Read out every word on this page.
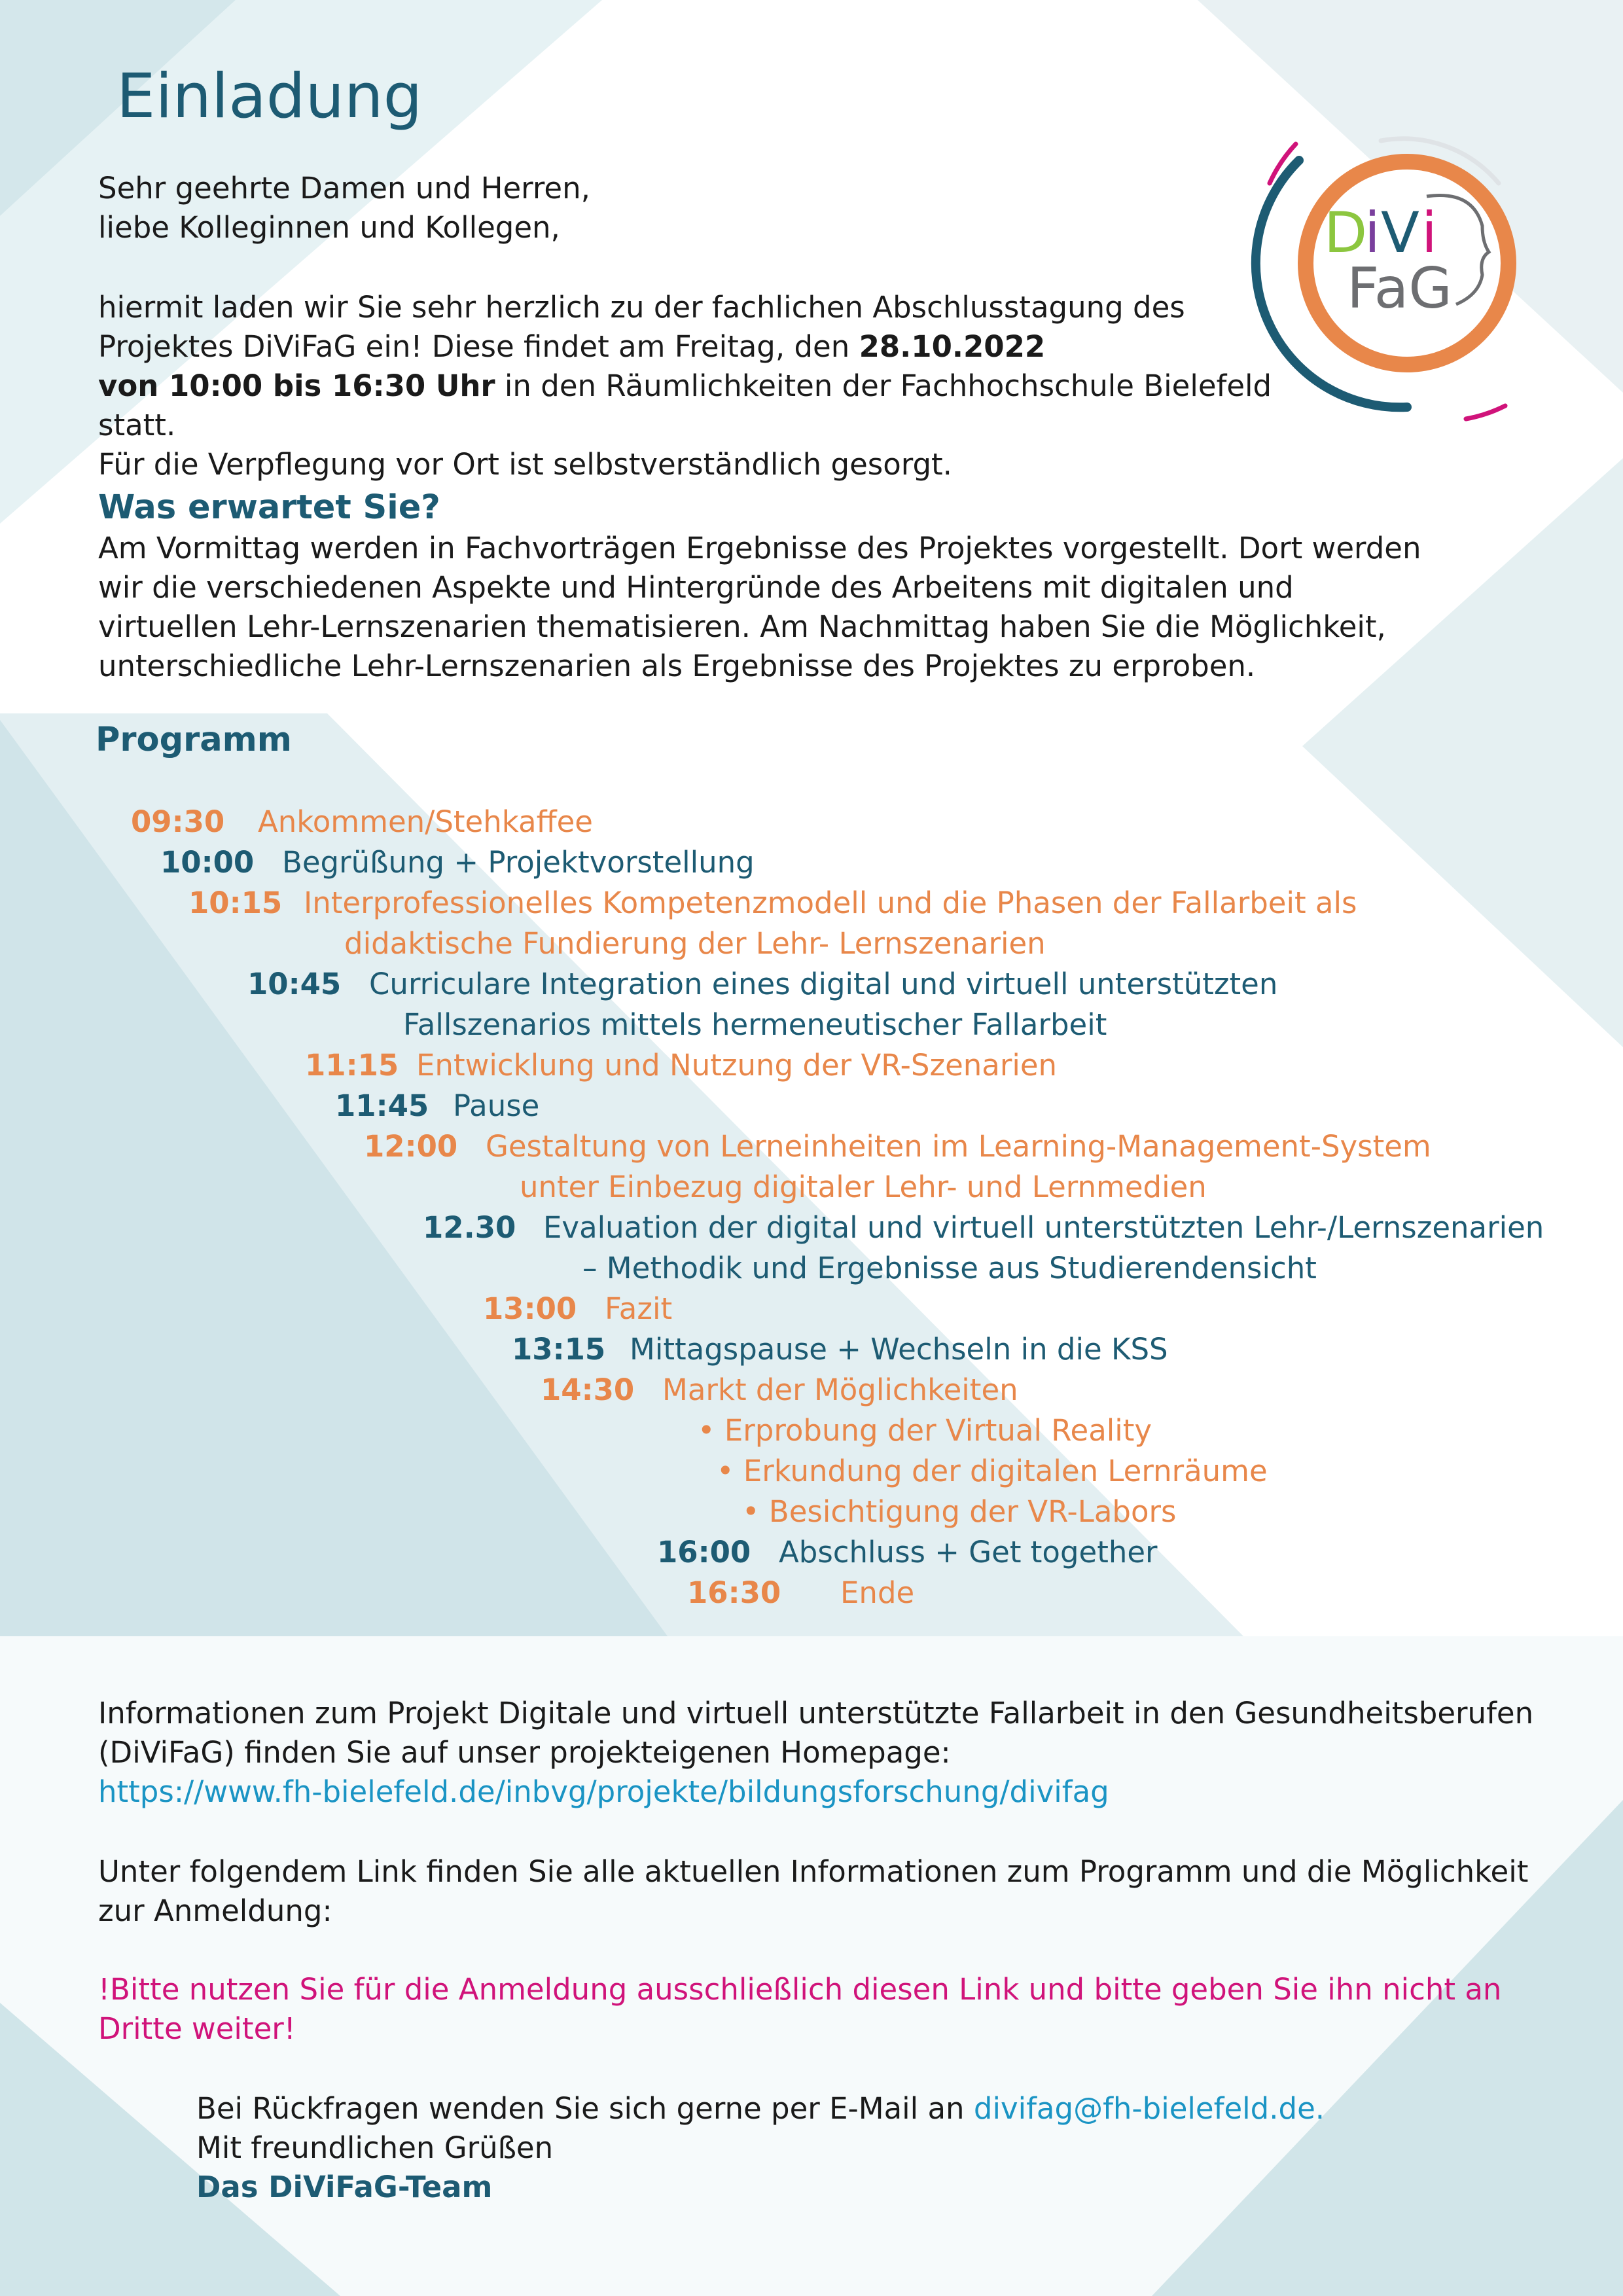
Einladung
D
i V i
FaG
Sehr geehrte Damen und Herren,
liebe Kolleginnen und Kollegen,
hiermit laden wir Sie sehr herzlich zu der fachlichen Abschlusstagung des
Projektes DiViFaG ein! Diese findet am Freitag, den 28.10.2022
von 10:00 bis 16:30 Uhr in den Räumlichkeiten der Fachhochschule Bielefeld statt.
Für die Verpflegung vor Ort ist selbstverständlich gesorgt.
Was erwartet Sie?
Am Vormittag werden in Fachvorträgen Ergebnisse des Projektes vorgestellt. Dort werden
wir die verschiedenen Aspekte und Hintergründe des Arbeitens mit digitalen und
virtuellen Lehr-Lernszenarien thematisieren. Am Nachmittag haben Sie die Möglichkeit,
unterschiedliche Lehr-Lernszenarien als Ergebnisse des Projektes zu erproben.
Programm
09:30 Ankommen/Stehkaffee
10:00 Begrüßung + Projektvorstellung
10:15 Interprofessionelles Kompetenzmodell und die Phasen der Fallarbeit als
didaktische Fundierung der Lehr- Lernszenarien
10:45 Curriculare Integration eines digital und virtuell unterstützten
Fallszenarios mittels hermeneutischer Fallarbeit
11:15 Entwicklung und Nutzung der VR-Szenarien
11:45 Pause
12:00 Gestaltung von Lerneinheiten im Learning-Management-System
unter Einbezug digitaler Lehr- und Lernmedien
12.30 Evaluation der digital und virtuell unterstützten Lehr-/Lernszenarien
– Methodik und Ergebnisse aus Studierendensicht
13:00 Fazit
13:15 Mittagspause + Wechseln in die KSS
14:30 Markt der Möglichkeiten
• Erprobung der Virtual Reality
• Erkundung der digitalen Lernräume
• Besichtigung der VR-Labors
16:00 Abschluss + Get together
16:30 Ende
Informationen zum Projekt Digitale und virtuell unterstützte Fallarbeit in den Gesundheitsberufen
(DiViFaG) finden Sie auf unser projekteigenen Homepage:
https://www.fh-bielefeld.de/inbvg/projekte/bildungsforschung/divifag
Unter folgendem Link finden Sie alle aktuellen Informationen zum Programm und die Möglichkeit
zur Anmeldung:
!Bitte nutzen Sie für die Anmeldung ausschließlich diesen Link und bitte geben Sie ihn nicht an
Dritte weiter!
Bei Rückfragen wenden Sie sich gerne per E-Mail an divifag@fh-bielefeld.de.
Mit freundlichen Grüßen
Das DiViFaG-Team
